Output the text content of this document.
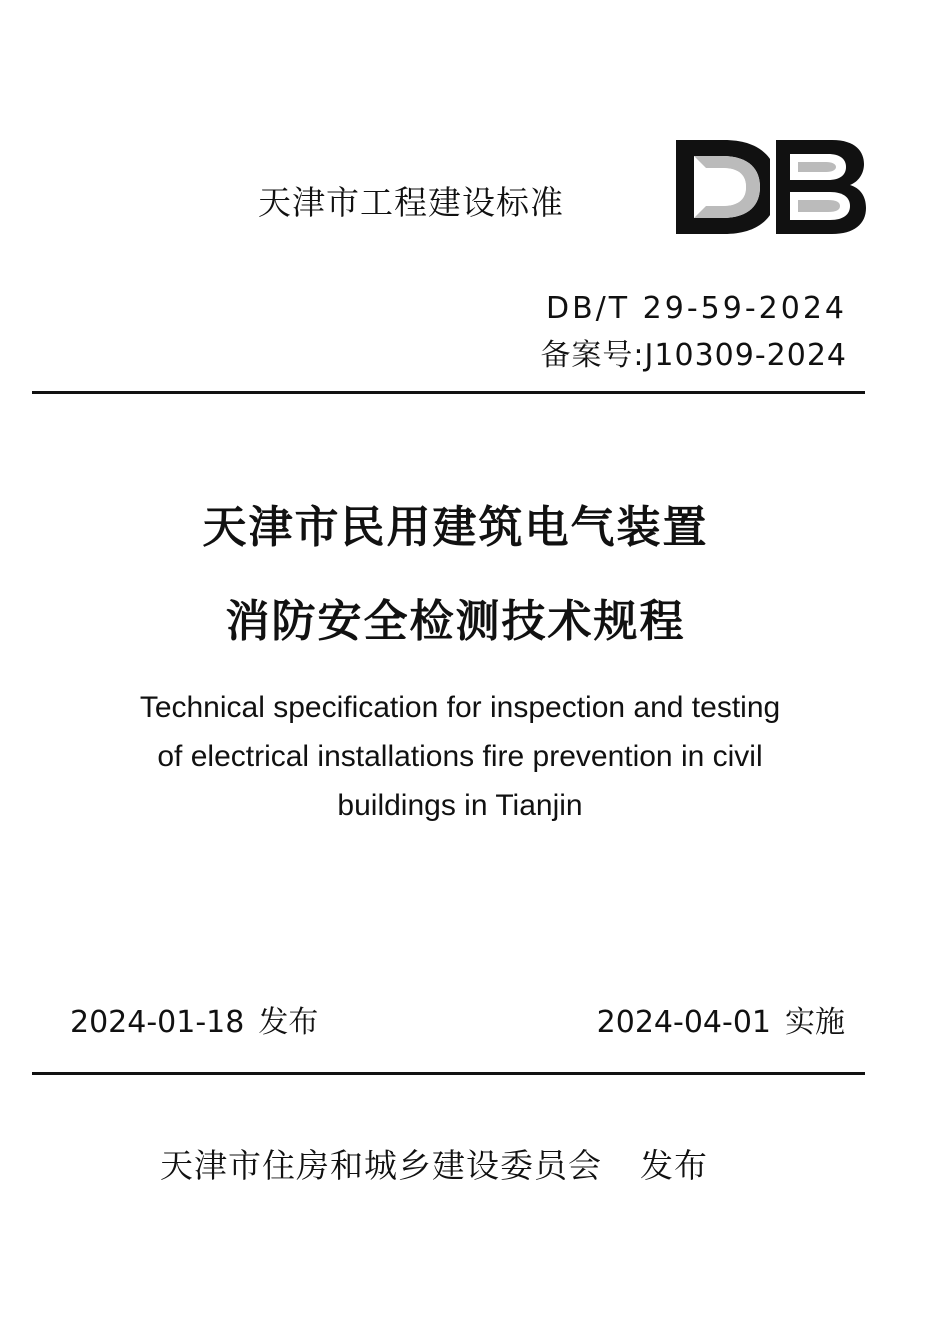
天津市工程建设标准
DB/T 29-59-2024
备案号:J10309-2024
天津市民用建筑电气装置
消防安全检测技术规程
Technical specification for inspection and testing
of electrical installations fire prevention in civil
buildings in Tianjin
2024-01-18 发布	2024-04-01 实施
天津市住房和城乡建设委员会 发布
